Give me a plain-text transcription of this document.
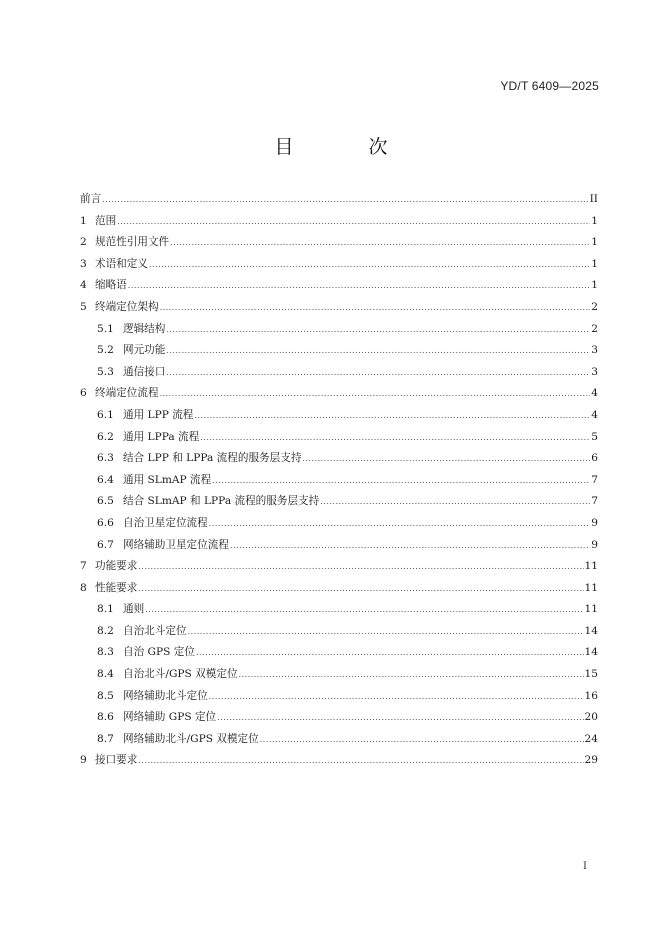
YD/T 6409—2025
目　次
前言 .....	II
1 范围 .....	1
2 规范性引用文件 .....	1
3 术语和定义 .....	1
4 缩略语 .....	1
5 终端定位架构 .....	2
5.1 逻辑结构 .....	2
5.2 网元功能 .....	3
5.3 通信接口 .....	3
6 终端定位流程 .....	4
6.1 通用 LPP 流程 .....	4
6.2 通用 LPPa 流程 .....	5
6.3 结合 LPP 和 LPPa 流程的服务层支持 .....	6
6.4 通用 SLmAP 流程 .....	7
6.5 结合 SLmAP 和 LPPa 流程的服务层支持 .....	7
6.6 自治卫星定位流程 .....	9
6.7 网络辅助卫星定位流程 .....	9
7 功能要求 .....	11
8 性能要求 .....	11
8.1 通则 .....	11
8.2 自治北斗定位 .....	14
8.3 自治 GPS 定位 .....	14
8.4 自治北斗/GPS 双模定位 .....	15
8.5 网络辅助北斗定位 .....	16
8.6 网络辅助 GPS 定位 .....	20
8.7 网络辅助北斗/GPS 双模定位 .....	24
9 接口要求 .....	29
I
